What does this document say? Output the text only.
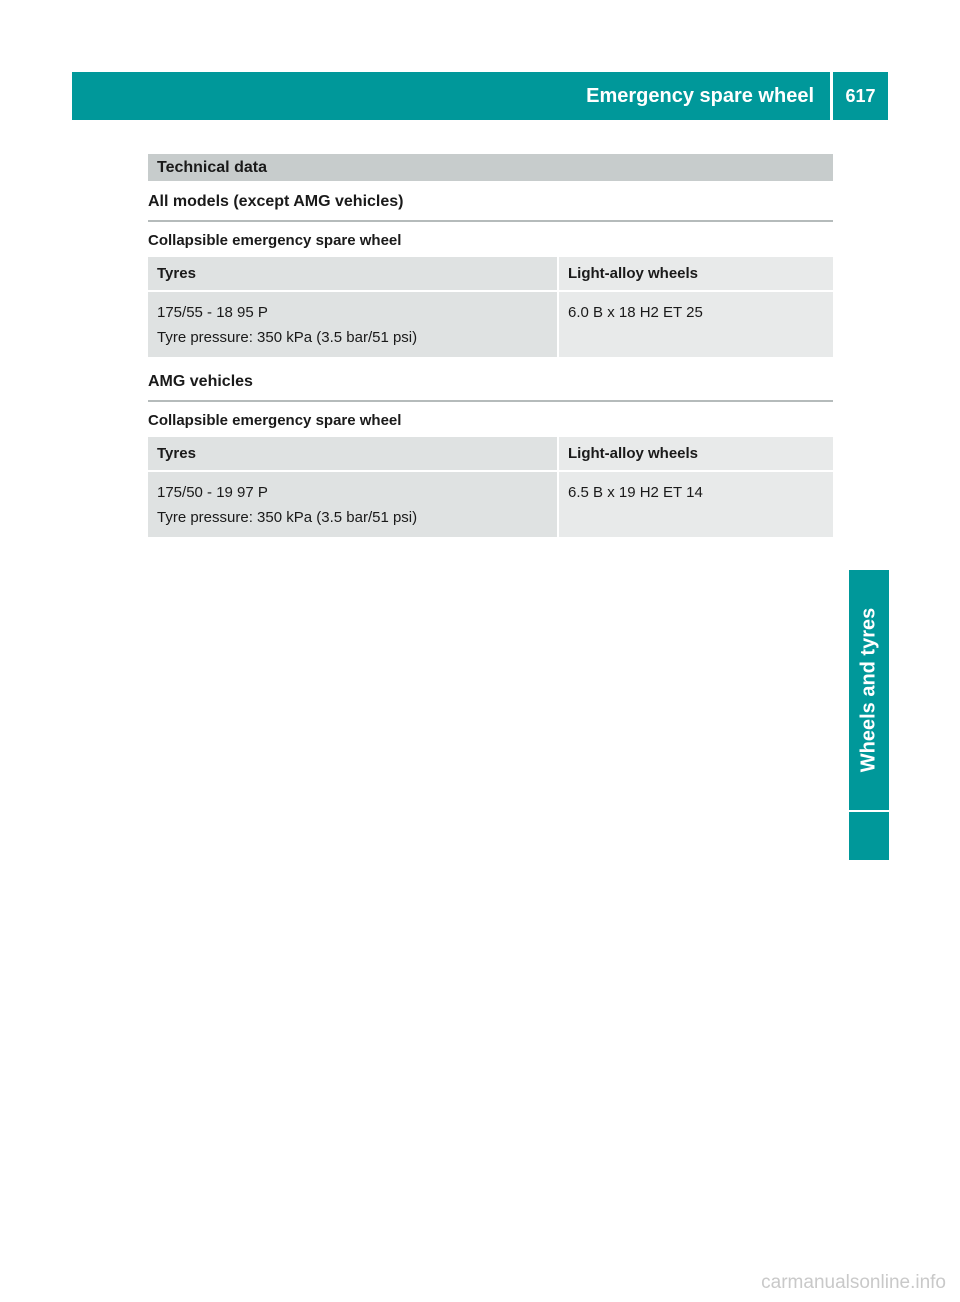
Emergency spare wheel	617
Wheels and tyres
Technical data
All models (except AMG vehicles)
Collapsible emergency spare wheel
Tyres	Light-alloy wheels

175/55 - 18 95 P
Tyre pressure: 350 kPa (3.5 bar/51 psi)	6.0 B x 18 H2 ET 25
AMG vehicles
Collapsible emergency spare wheel
Tyres	Light-alloy wheels

175/50 - 19 97 P
Tyre pressure: 350 kPa (3.5 bar/51 psi)	6.5 B x 19 H2 ET 14
carmanualsonline.info
